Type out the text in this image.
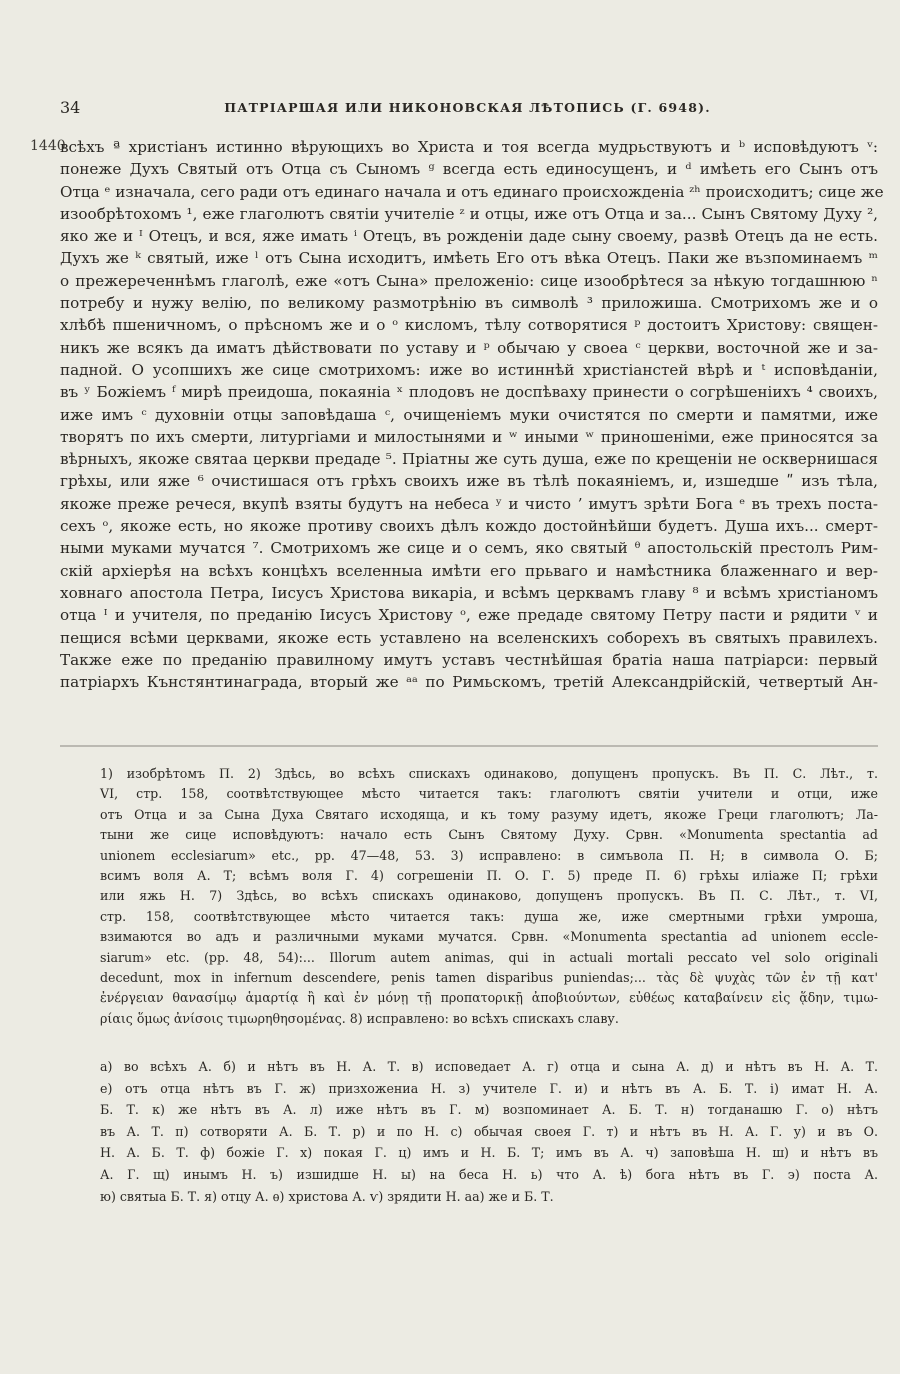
34	ПАТРІАРШАЯ ИЛИ НИКОНОВСКАЯ ЛѢТОПИСЬ (Г. 6948).
1440
всѣхъ ª христіанъ истинно вѣрующихъ во Христа и тоя всегда мудрьствуютъ и ᵇ исповѣдуютъ ᵛ:
понеже Духъ Святый отъ Отца съ Сыномъ ᵍ всегда есть единосущенъ, и ᵈ имѣеть его Сынъ отъ
Отца ᵉ изначала, сего ради отъ единаго начала и отъ единаго происхожденіа ᶻʰ происходитъ; сице же
изообрѣтохомъ ¹, еже глаголютъ святіи учителіе ᶻ и отцы, иже отъ Отца и за... Сынъ Святому Духу ²,
яко же и ᴵ Отецъ, и вся, яже имать ⁱ Отецъ, въ рожденіи даде сыну своему, развѣ Отецъ да не есть.
Духъ же ᵏ святый, иже ˡ отъ Сына исходитъ, имѣеть Его отъ вѣка Отецъ. Паки же възпоминаемъ ᵐ
о прежереченнѣмъ глаголѣ, еже «отъ Сына» преложеніо: сице изообрѣтеся за нѣкую тогдашнюю ⁿ
потребу и нужу велію, по великому размотрѣнію въ символѣ ³ приложиша. Смотрихомъ же и о
хлѣбѣ пшеничномъ, о прѣсномъ же и о ᵒ кисломъ, тѣлу сотворятися ᵖ достоитъ Христову: священ-
никъ же всякъ да иматъ дѣйствовати по уставу и ᵖ обычаю у своеа ᶜ церкви, восточной же и за-
падной. О усопшихъ же сице смотрихомъ: иже во истиннѣй христіанстей вѣрѣ и ᵗ исповѣданіи,
въ ʸ Божіемъ ᶠ мирѣ преидоша, покаяніа ˣ плодовъ не доспѣваху принести о согрѣшеніихъ ⁴ своихъ,
иже имъ ᶜ духовніи отцы заповѣдаша ᶜ, очищеніемъ муки очистятся по смерти и памятми, иже
творятъ по ихъ смерти, литургіами и милостынями и ʷ иными ʷ приношеніми, еже приносятся за
вѣрныхъ, якоже святаа церкви предаде ⁵. Пріатны же суть душа, еже по крещеніи не осквернишася
грѣхы, или яже ⁶ очистишася отъ грѣхъ своихъ иже въ тѣлѣ покаяніемъ, и, изшедше ʺ изъ тѣла,
якоже преже речеся, вкупѣ взяты будутъ на небеса ʸ и чисто ʼ имутъ зрѣти Бога ᵉ въ трехъ поста-
сехъ ᵒ, якоже есть, но якоже противу своихъ дѣлъ кождо достойнѣйши будетъ. Душа ихъ... смерт-
ными муками мучатся ⁷. Смотрихомъ же сице и о семъ, яко святый ᶿ апостольскій престолъ Рим-
скій архіерѣя на всѣхъ концѣхъ вселенныа имѣти его прьваго и намѣстника блаженнаго и вер-
ховнаго апостола Петра, Іисусъ Христова викаріа, и всѣмъ церквамъ главу ⁸ и всѣмъ христіаномъ
отца ᴵ и учителя, по преданію Іисусъ Христову ᵒ, еже предаде святому Петру пасти и рядити ᵛ и
пещися всѣми церквами, якоже есть уставлено на вселенскихъ соборехъ въ святыхъ правилехъ.
Также еже по преданію правилному имутъ уставъ честнѣйшая братіа наша патріарси: первый
патріархъ Кънстянтинаграда, вторый же ᵃᵃ по Римьскомъ, третій Александрійскій, четвертый Ан-
1) изобрѣтомъ П. 2) Здѣсь, во всѣхъ спискахъ одинаково, допущенъ пропускъ. Въ П. С. Лѣт., т.
VI, стр. 158, соотвѣтствующее мѣсто читается такъ: глаголютъ святіи учители и отци, иже
отъ Отца и за Сына Духа Святаго исходяща, и къ тому разуму идетъ, якоже Греци глаголютъ; Ла-
тыни же сице исповѣдуютъ: начало есть Сынъ Святому Духу. Срвн. «Monumenta spectantia ad
unionem ecclesiarum» etc., pp. 47—48, 53. 3) исправлено: в симъвола П. Н; в символа О. Б;
всимъ воля А. Т; всѣмъ воля Г. 4) согрешеніи П. О. Г. 5) преде П. 6) грѣхы иліаже П; грѣхи
или яжь Н. 7) Здѣсь, во всѣхъ спискахъ одинаково, допущенъ пропускъ. Въ П. С. Лѣт., т. VI,
стр. 158, соотвѣтствующее мѣсто читается такъ: душа же, иже смертными грѣхи умроша,
взимаются во адъ и различными муками мучатся. Срвн. «Monumenta spectantia ad unionem eccle-
siarum» etc. (pp. 48, 54):... Illorum autem animas, qui in actuali mortali peccato vel solo originali
decedunt, mox in infernum descendere, penis tamen disparibus puniendas;... τὰς δὲ ψυχὰς τῶν ἐν τῇ κατ'
ἐνέργειαν θανασίμῳ ἁμαρτίᾳ ἢ καὶ ἐν μόνῃ τῇ προπατορικῇ ἀποβιούντων, εὐθέως καταβαίνειν εἰς ᾅδην, τιμω-
ρίαις ὅμως ἀνίσοις τιμωρηθησομένας. 8) исправлено: во всѣхъ спискахъ славу.
а) во всѣхъ А. б) и нѣтъ въ Н. А. Т. в) исповедает А. г) отца и сына А. д) и нѣтъ въ Н. А. Т.
е) отъ отца нѣтъ въ Г. ж) призхожениа Н. з) учителе Г. и) и нѣтъ въ А. Б. Т. і) имат Н. А.
Б. Т. к) же нѣтъ въ А. л) иже нѣтъ въ Г. м) возпоминает А. Б. Т. н) тогданашю Г. о) нѣтъ
въ А. Т. п) сотворяти А. Б. Т. р) и по Н. с) обычая своея Г. т) и нѣтъ въ Н. А. Г. у) и въ О.
Н. А. Б. Т. ф) божіе Г. х) покая Г. ц) имъ и Н. Б. Т; имъ въ А. ч) заповѣша Н. ш) и нѣтъ въ
А. Г. щ) инымъ Н. ъ) изшидше Н. ы) на беса Н. ь) что А. ѣ) бога нѣтъ въ Г. э) поста А.
ю) святыа Б. Т. я) отцу А. ѳ) христова А. ѵ) зрядити Н. аа) же и Б. Т.
